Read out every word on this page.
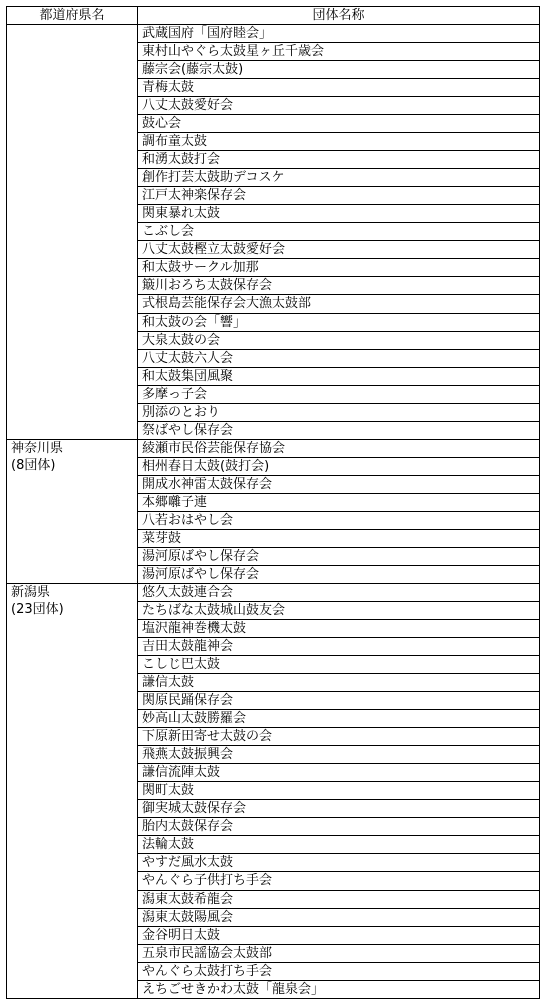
都道府県名	団体名称

	武蔵国府「国府睦会」
	東村山やぐら太鼓星ヶ丘千歳会
	藤宗会(藤宗太鼓)
	青梅太鼓
	八丈太鼓愛好会
	鼓心会
	調布童太鼓
	和湧太鼓打会
	創作打芸太鼓助デコスケ
	江戸太神楽保存会
	関東暴れ太鼓
	こぶし会
	八丈太鼓樫立太鼓愛好会
	和太鼓サークル加那
	簸川おろち太鼓保存会
	式根島芸能保存会大漁太鼓部
	和太鼓の会「響」
	大泉太鼓の会
	八丈太鼓六人会
	和太鼓集団風聚
	多摩っ子会
	別添のとおり
	祭ばやし保存会

神奈川県
(8団体)	綾瀬市民俗芸能保存協会
	相州春日太鼓(鼓打会)
	開成水神雷太鼓保存会
	本郷囃子連
	八若おはやし会
	菜芽鼓
	湯河原ばやし保存会
	湯河原ばやし保存会

新潟県
(23団体)	悠久太鼓連合会
	たちばな太鼓城山鼓友会
	塩沢龍神巻機太鼓
	吉田太鼓龍神会
	こしじ巴太鼓
	謙信太鼓
	関原民踊保存会
	妙高山太鼓勝羅会
	下原新田寄せ太鼓の会
	飛燕太鼓振興会
	謙信流陣太鼓
	関町太鼓
	御実城太鼓保存会
	胎内太鼓保存会
	法輪太鼓
	やすだ風水太鼓
	やんぐら子供打ち手会
	潟東太鼓希龍会
	潟東太鼓陽風会
	金谷明日太鼓
	五泉市民謡協会太鼓部
	やんぐら太鼓打ち手会
	えちごせきかわ太鼓「龍泉会」
